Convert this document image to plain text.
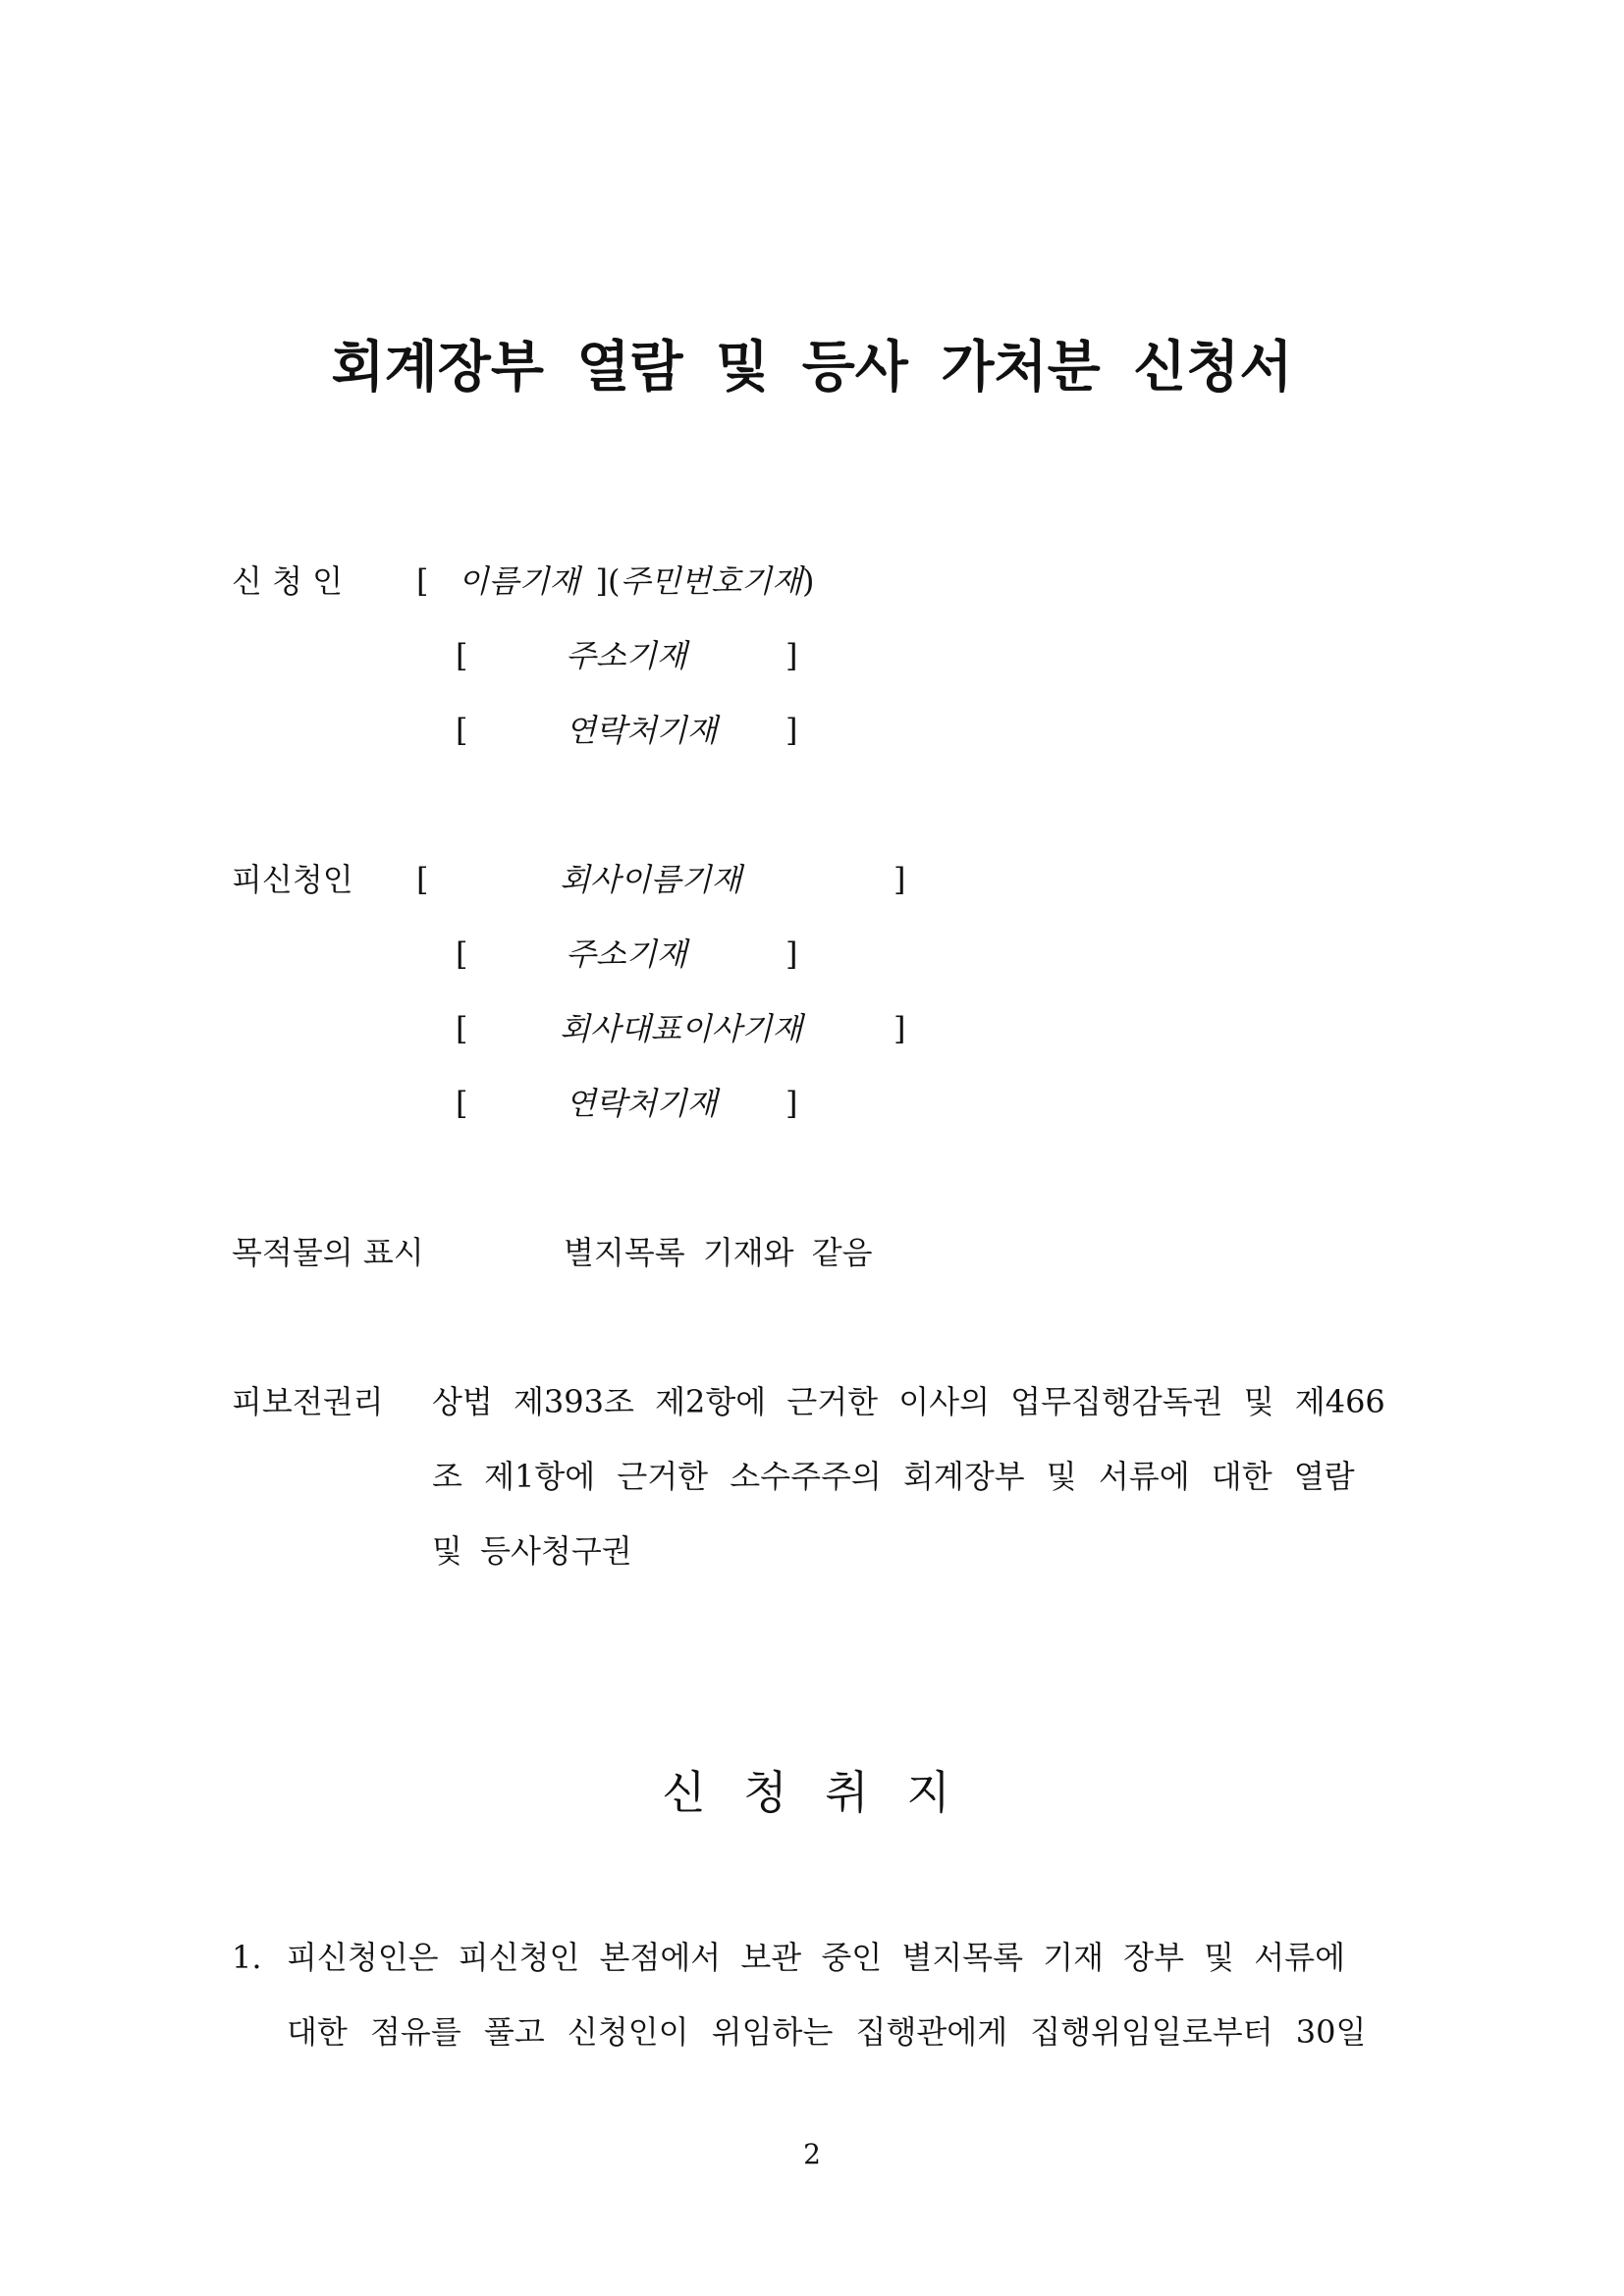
회계장부 열람 및 등사 가처분 신청서
신 청 인 [ 이름기재 ](주민번호기재)
[	주소기재	]
[	연락처기재 ]
피신청인 [	회사이름기재	]
[	주소기재	]
[	회사대표이사기재	]
[	연락처기재 ]
목적물의 표시	별지목록 기재와 같음
피보전권리 상법 제393조 제2항에 근거한 이사의 업무집행감독권 및 제466
조 제1항에 근거한 소수주주의 회계장부 및 서류에 대한 열람
및 등사청구권
신 청 취 지
1. 피신청인은 피신청인 본점에서 보관 중인 별지목록 기재 장부 및 서류에
대한 점유를 풀고 신청인이 위임하는 집행관에게 집행위임일로부터 30일
2
